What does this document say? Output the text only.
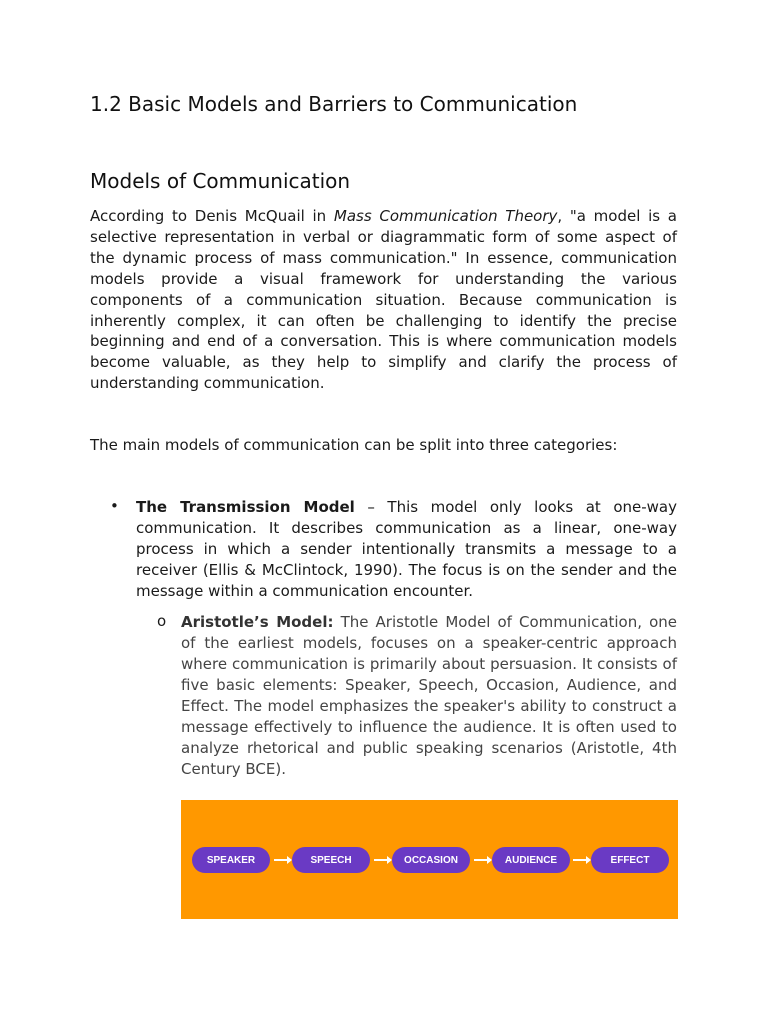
1.2 Basic Models and Barriers to Communication
Models of Communication

According to Denis McQuail in Mass Communication Theory, "a model is a selective representation in verbal or diagrammatic form of some aspect of the dynamic process of mass communication." In essence, communication models provide a visual framework for understanding the various components of a communication situation. Because communication is inherently complex, it can often be challenging to identify the precise beginning and end of a conversation. This is where communication models become valuable, as they help to simplify and clarify the process of understanding communication.

The main models of communication can be split into three categories:

• The Transmission Model – This model only looks at one-way communication. It describes communication as a linear, one-way process in which a sender intentionally transmits a message to a receiver (Ellis & McClintock, 1990). The focus is on the sender and the message within a communication encounter.

o Aristotle’s Model: The Aristotle Model of Communication, one of the earliest models, focuses on a speaker-centric approach where communication is primarily about persuasion. It consists of five basic elements: Speaker, Speech, Occasion, Audience, and Effect. The model emphasizes the speaker's ability to construct a message effectively to influence the audience. It is often used to analyze rhetorical and public speaking scenarios (Aristotle, 4th Century BCE).

SPEAKER	SPEECH	OCCASION	AUDIENCE	EFFECT
